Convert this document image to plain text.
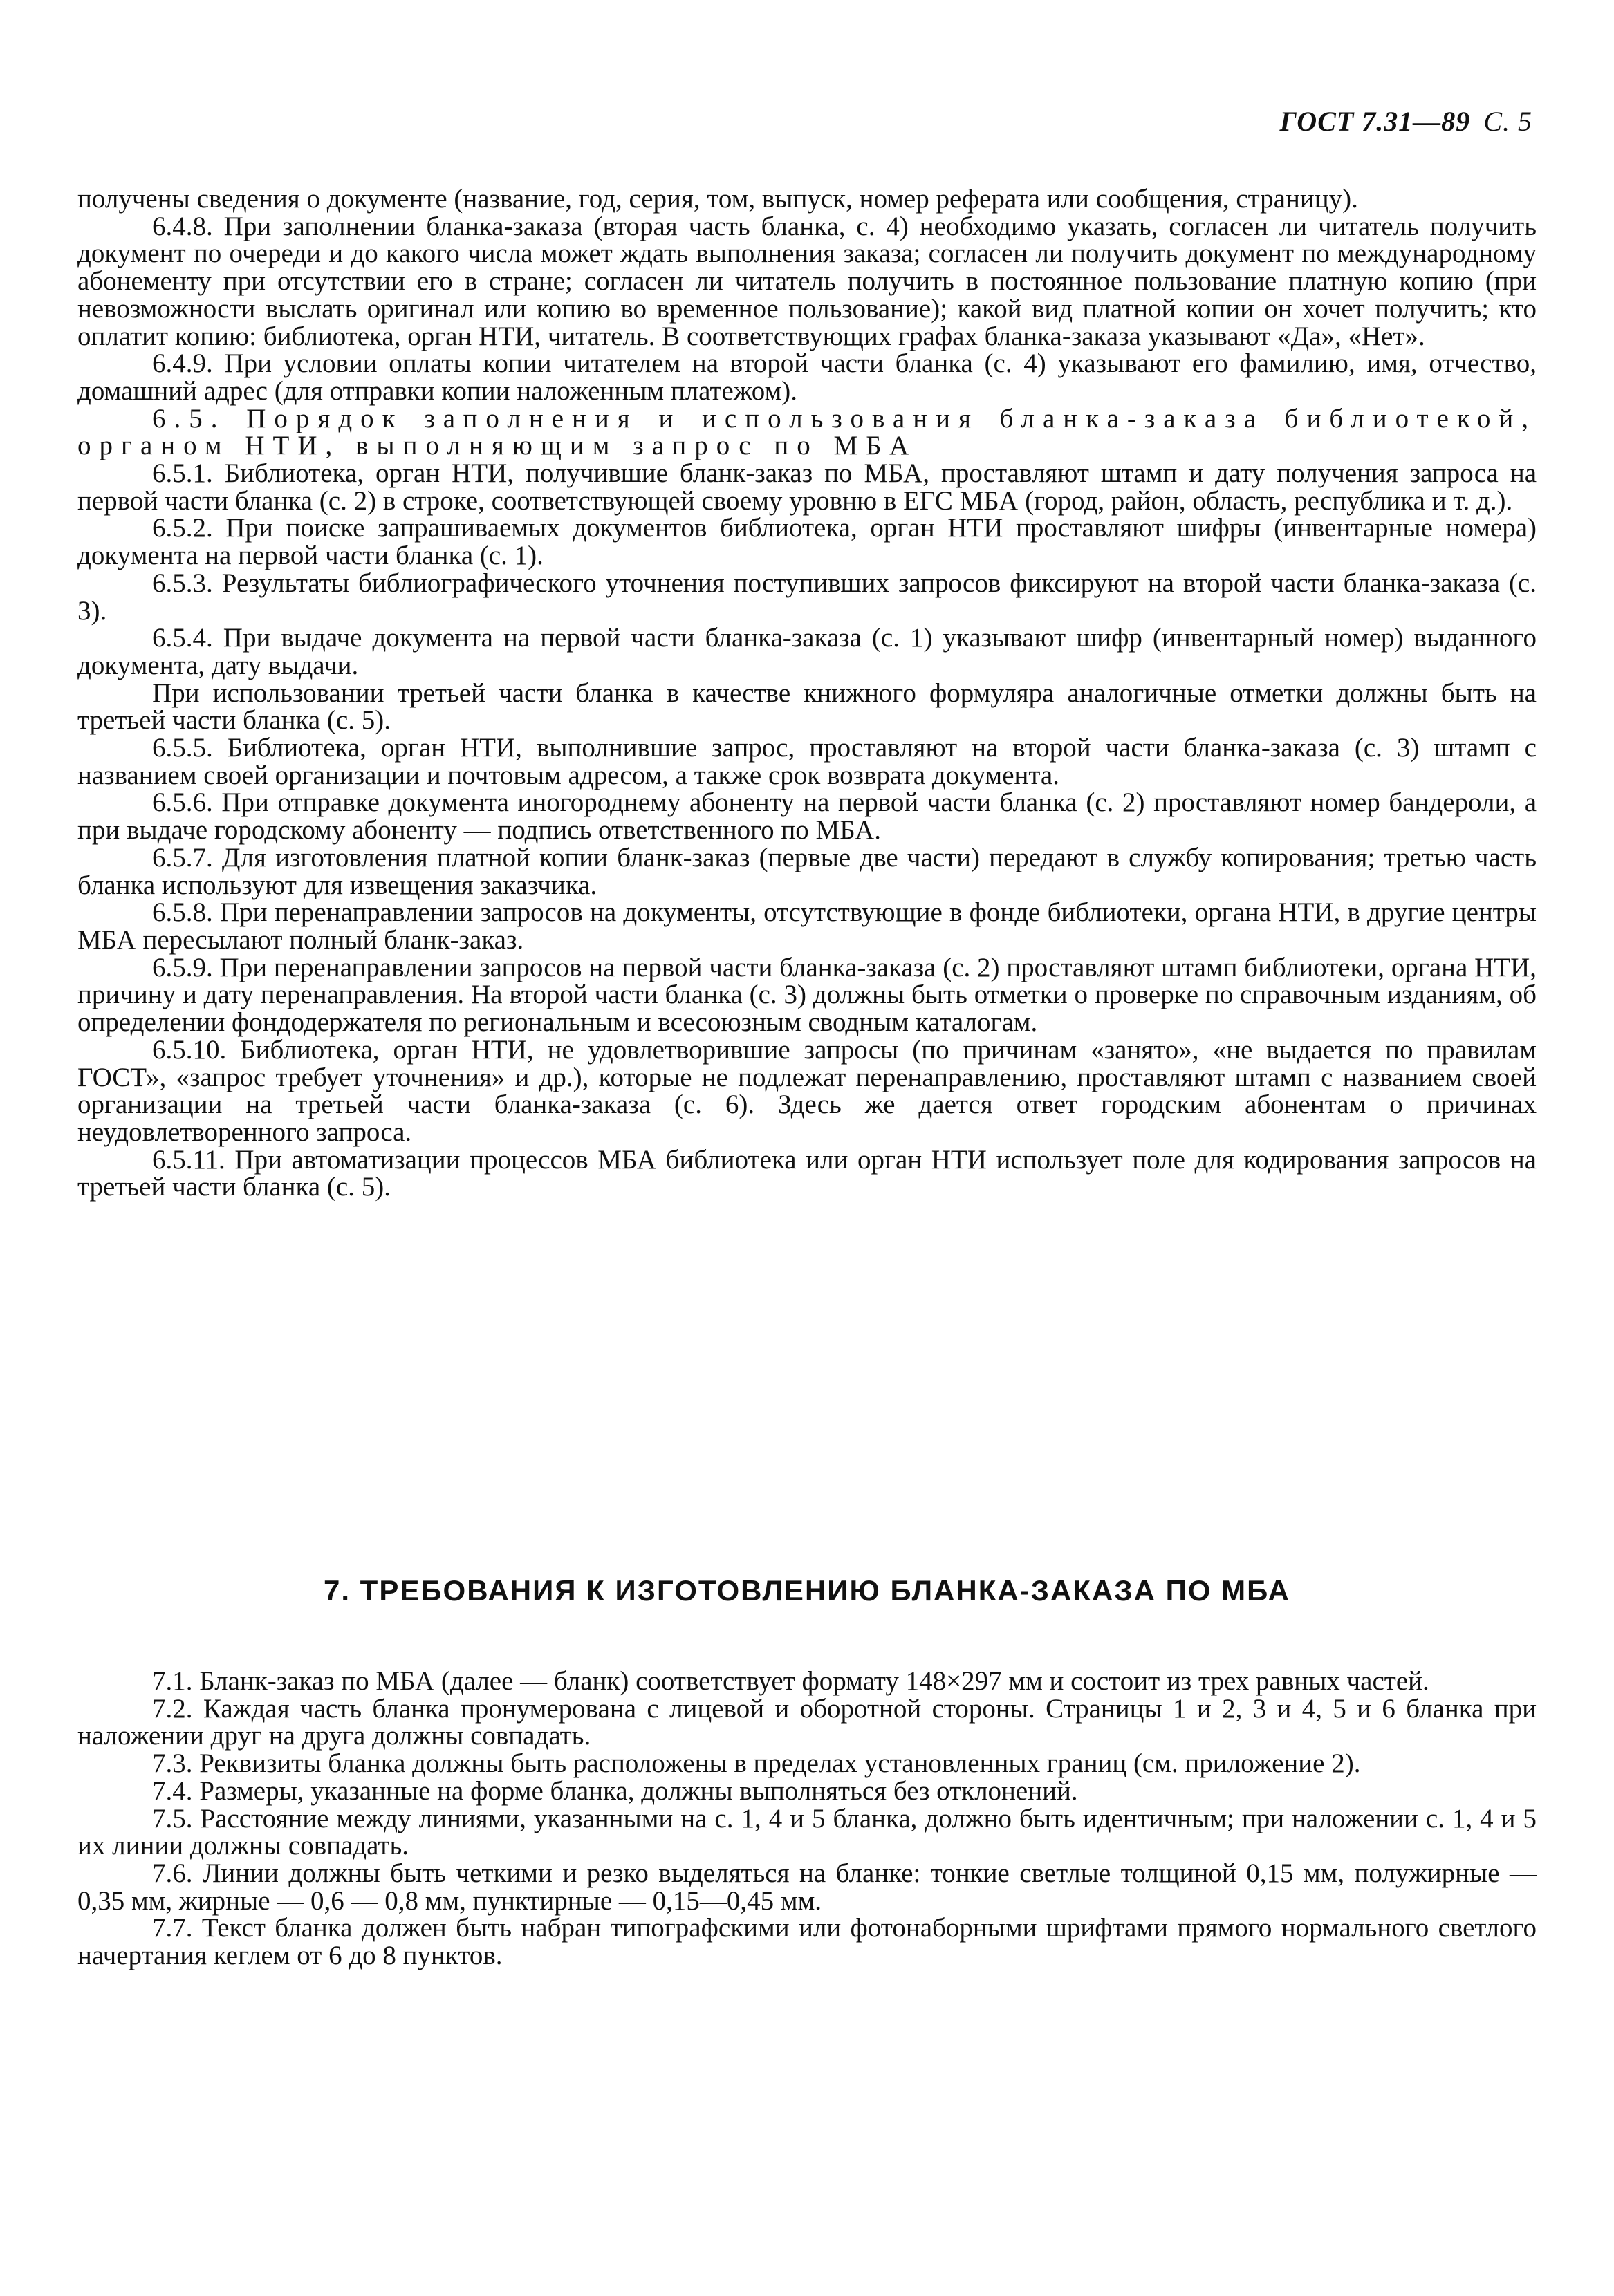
ГОСТ 7.31—89 С. 5

получены сведения о документе (название, год, серия, том, выпуск, номер реферата или сообщения, страницу).

6.4.8. При заполнении бланка-заказа (вторая часть бланка, с. 4) необходимо указать, согласен ли читатель получить документ по очереди и до какого числа может ждать выполнения заказа; согласен ли получить документ по международному абонементу при отсутствии его в стране; согласен ли читатель получить в постоянное пользование платную копию (при невозможности выслать оригинал или копию во временное пользование); какой вид платной копии он хочет получить; кто оплатит копию: библиотека, орган НТИ, читатель. В соответствующих графах бланка-заказа указывают «Да», «Нет».

6.4.9. При условии оплаты копии читателем на второй части бланка (с. 4) указывают его фамилию, имя, отчество, домашний адрес (для отправки копии наложенным платежом).

6.5. Порядок заполнения и использования бланка-заказа библиотекой, органом НТИ, выполняющим запрос по МБА

6.5.1. Библиотека, орган НТИ, получившие бланк-заказ по МБА, проставляют штамп и дату получения запроса на первой части бланка (с. 2) в строке, соответствующей своему уровню в ЕГС МБА (город, район, область, республика и т. д.).

6.5.2. При поиске запрашиваемых документов библиотека, орган НТИ проставляют шифры (инвентарные номера) документа на первой части бланка (с. 1).

6.5.3. Результаты библиографического уточнения поступивших запросов фиксируют на второй части бланка-заказа (с. 3).

6.5.4. При выдаче документа на первой части бланка-заказа (с. 1) указывают шифр (инвентарный номер) выданного документа, дату выдачи.

При использовании третьей части бланка в качестве книжного формуляра аналогичные отметки должны быть на третьей части бланка (с. 5).

6.5.5. Библиотека, орган НТИ, выполнившие запрос, проставляют на второй части бланка-заказа (с. 3) штамп с названием своей организации и почтовым адресом, а также срок возврата документа.

6.5.6. При отправке документа иногороднему абоненту на первой части бланка (с. 2) проставляют номер бандероли, а при выдаче городскому абоненту — подпись ответственного по МБА.

6.5.7. Для изготовления платной копии бланк-заказ (первые две части) передают в службу копирования; третью часть бланка используют для извещения заказчика.

6.5.8. При перенаправлении запросов на документы, отсутствующие в фонде библиотеки, органа НТИ, в другие центры МБА пересылают полный бланк-заказ.

6.5.9. При перенаправлении запросов на первой части бланка-заказа (с. 2) проставляют штамп библиотеки, органа НТИ, причину и дату перенаправления. На второй части бланка (с. 3) должны быть отметки о проверке по справочным изданиям, об определении фондодержателя по региональным и всесоюзным сводным каталогам.

6.5.10. Библиотека, орган НТИ, не удовлетворившие запросы (по причинам «занято», «не выдается по правилам ГОСТ», «запрос требует уточнения» и др.), которые не подлежат перенаправлению, проставляют штамп с названием своей организации на третьей части бланка-заказа (с. 6). Здесь же дается ответ городским абонентам о причинах неудовлетворенного запроса.

6.5.11. При автоматизации процессов МБА библиотека или орган НТИ использует поле для кодирования запросов на третьей части бланка (с. 5).

7. ТРЕБОВАНИЯ К ИЗГОТОВЛЕНИЮ БЛАНКА-ЗАКАЗА ПО МБА

7.1. Бланк-заказ по МБА (далее — бланк) соответствует формату 148×297 мм и состоит из трех равных частей.

7.2. Каждая часть бланка пронумерована с лицевой и оборотной стороны. Страницы 1 и 2, 3 и 4, 5 и 6 бланка при наложении друг на друга должны совпадать.

7.3. Реквизиты бланка должны быть расположены в пределах установленных границ (см. приложение 2).

7.4. Размеры, указанные на форме бланка, должны выполняться без отклонений.

7.5. Расстояние между линиями, указанными на с. 1, 4 и 5 бланка, должно быть идентичным; при наложении с. 1, 4 и 5 их линии должны совпадать.

7.6. Линии должны быть четкими и резко выделяться на бланке: тонкие светлые толщиной 0,15 мм, полужирные — 0,35 мм, жирные — 0,6 — 0,8 мм, пунктирные — 0,15—0,45 мм.

7.7. Текст бланка должен быть набран типографскими или фотонаборными шрифтами прямого нормального светлого начертания кеглем от 6 до 8 пунктов.
